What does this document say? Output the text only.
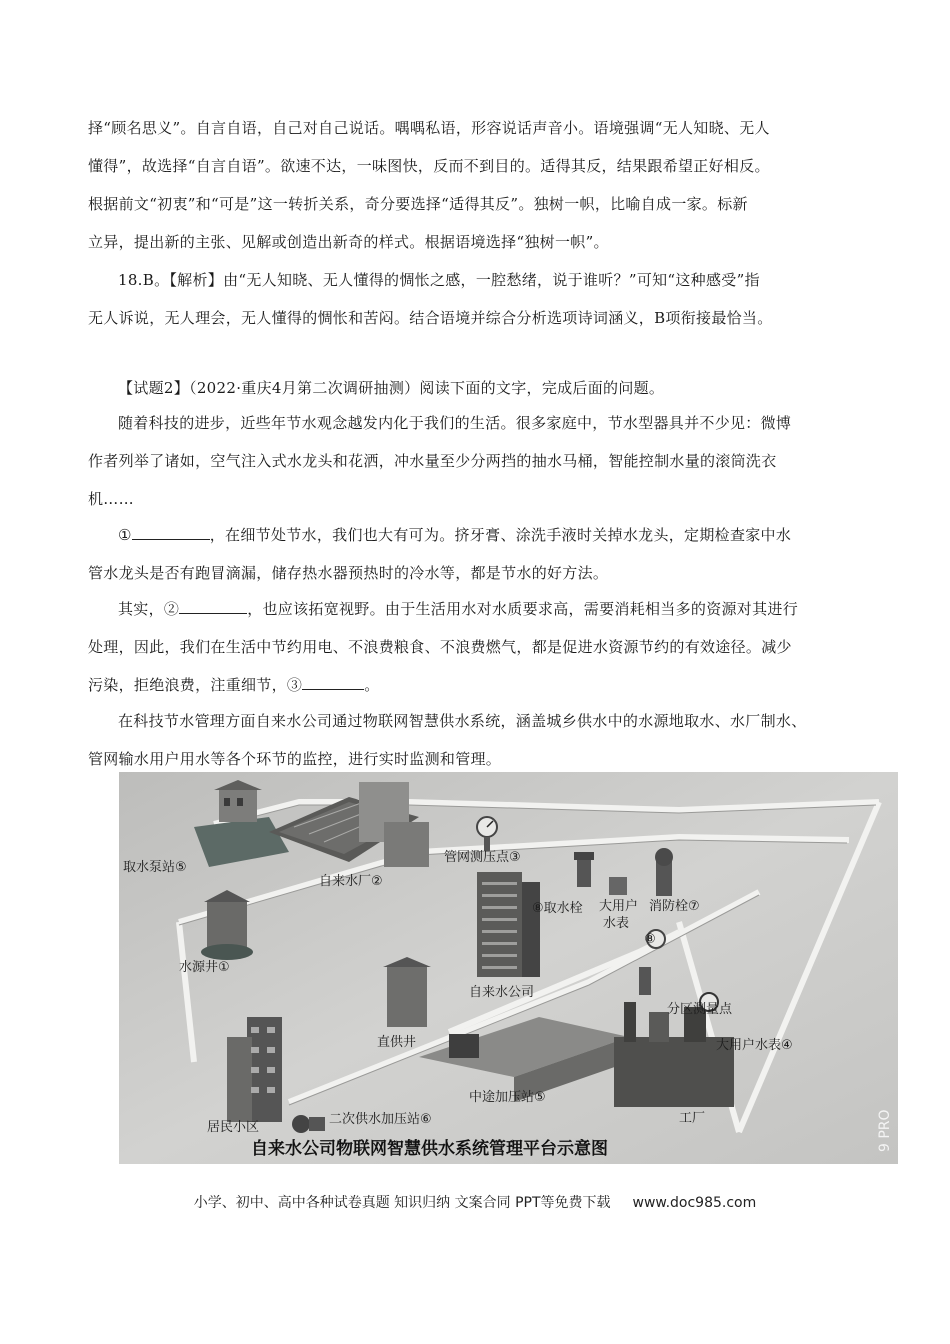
择“顾名思义”。自言自语，自己对自己说话。喁喁私语，形容说话声音小。语境强调“无人知晓、无人

懂得”，故选择“自言自语”。欲速不达，一味图快，反而不到目的。适得其反，结果跟希望正好相反。

根据前文“初衷”和“可是”这一转折关系，奇分要选择“适得其反”。独树一帜，比喻自成一家。标新

立异，提出新的主张、见解或创造出新奇的样式。根据语境选择“独树一帜”。

18.B。【解析】由“无人知晓、无人懂得的惆怅之感，一腔愁绪，说于谁听？”可知“这种感受”指

无人诉说，无人理会，无人懂得的惆怅和苦闷。结合语境并综合分析选项诗词涵义，B项衔接最恰当。

【试题2】（2022·重庆4月第二次调研抽测）阅读下面的文字，完成后面的问题。

随着科技的进步，近些年节水观念越发内化于我们的生活。很多家庭中，节水型器具并不少见：微博

作者列举了诸如，空气注入式水龙头和花洒，冲水量至少分两挡的抽水马桶，智能控制水量的滚筒洗衣

机……

①	，在细节处节水，我们也大有可为。挤牙膏、涂洗手液时关掉水龙头，定期检查家中水

管水龙头是否有跑冒滴漏，储存热水器预热时的冷水等，都是节水的好方法。

其实，②	，也应该拓宽视野。由于生活用水对水质要求高，需要消耗相当多的资源对其进行

处理，因此，我们在生活中节约用电、不浪费粮食、不浪费燃气，都是促进水资源节约的有效途径。减少

污染，拒绝浪费，注重细节，③	。

在科技节水管理方面自来水公司通过物联网智慧供水系统，涵盖城乡供水中的水源地取水、水厂制水、

管网输水用户用水等各个环节的监控，进行实时监测和管理。

取水泵站⑤
自来水厂②
管网测压点③
⑧取水栓 大用户
水表
消防栓⑦
⑧
水源井①
自来水公司
直供井
分区测量点
大用户水表④
中途加压站⑤
居民小区
二次供水加压站⑥	工厂
自来水公司物联网智慧供水系统管理平台示意图	9 PRO
小学、初中、高中各种试卷真题 知识归纳 文案合同 PPT等免费下载 www.doc985.com
